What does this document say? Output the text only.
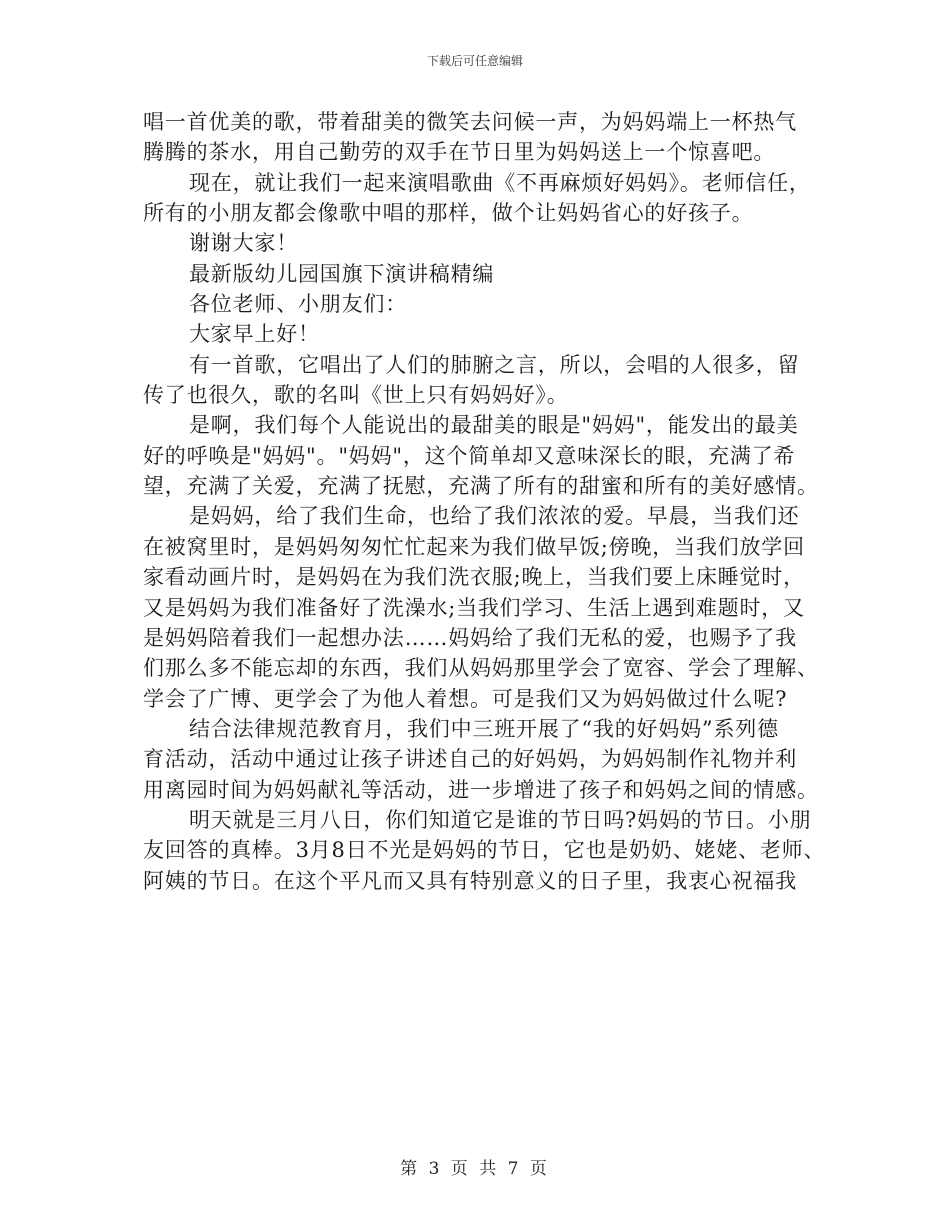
下载后可任意编辑
唱一首优美的歌，带着甜美的微笑去问候一声，为妈妈端上一杯热气
腾腾的茶水，用自己勤劳的双手在节日里为妈妈送上一个惊喜吧。
现在，就让我们一起来演唱歌曲《不再麻烦好妈妈》。老师信任，
所有的小朋友都会像歌中唱的那样，做个让妈妈省心的好孩子。
谢谢大家！
最新版幼儿园国旗下演讲稿精编
各位老师、小朋友们：
大家早上好！
有一首歌，它唱出了人们的肺腑之言，所以，会唱的人很多，留
传了也很久，歌的名叫《世上只有妈妈好》。
是啊，我们每个人能说出的最甜美的眼是"妈妈"，能发出的最美
好的呼唤是"妈妈"。"妈妈"，这个简单却又意味深长的眼，充满了希
望，充满了关爱，充满了抚慰，充满了所有的甜蜜和所有的美好感情。
是妈妈，给了我们生命，也给了我们浓浓的爱。早晨，当我们还
在被窝里时，是妈妈匆匆忙忙起来为我们做早饭;傍晚，当我们放学回
家看动画片时，是妈妈在为我们洗衣服;晚上，当我们要上床睡觉时，
又是妈妈为我们准备好了洗澡水;当我们学习、生活上遇到难题时，又
是妈妈陪着我们一起想办法……妈妈给了我们无私的爱，也赐予了我
们那么多不能忘却的东西，我们从妈妈那里学会了宽容、学会了理解、
学会了广博、更学会了为他人着想。可是我们又为妈妈做过什么呢?
结合法律规范教育月，我们中三班开展了“我的好妈妈”系列德
育活动，活动中通过让孩子讲述自己的好妈妈，为妈妈制作礼物并利
用离园时间为妈妈献礼等活动，进一步增进了孩子和妈妈之间的情感。
明天就是三月八日，你们知道它是谁的节日吗?妈妈的节日。小朋
友回答的真棒。3月8日不光是妈妈的节日，它也是奶奶、姥姥、老师、
阿姨的节日。在这个平凡而又具有特别意义的日子里，我衷心祝福我
第 3 页 共 7 页
